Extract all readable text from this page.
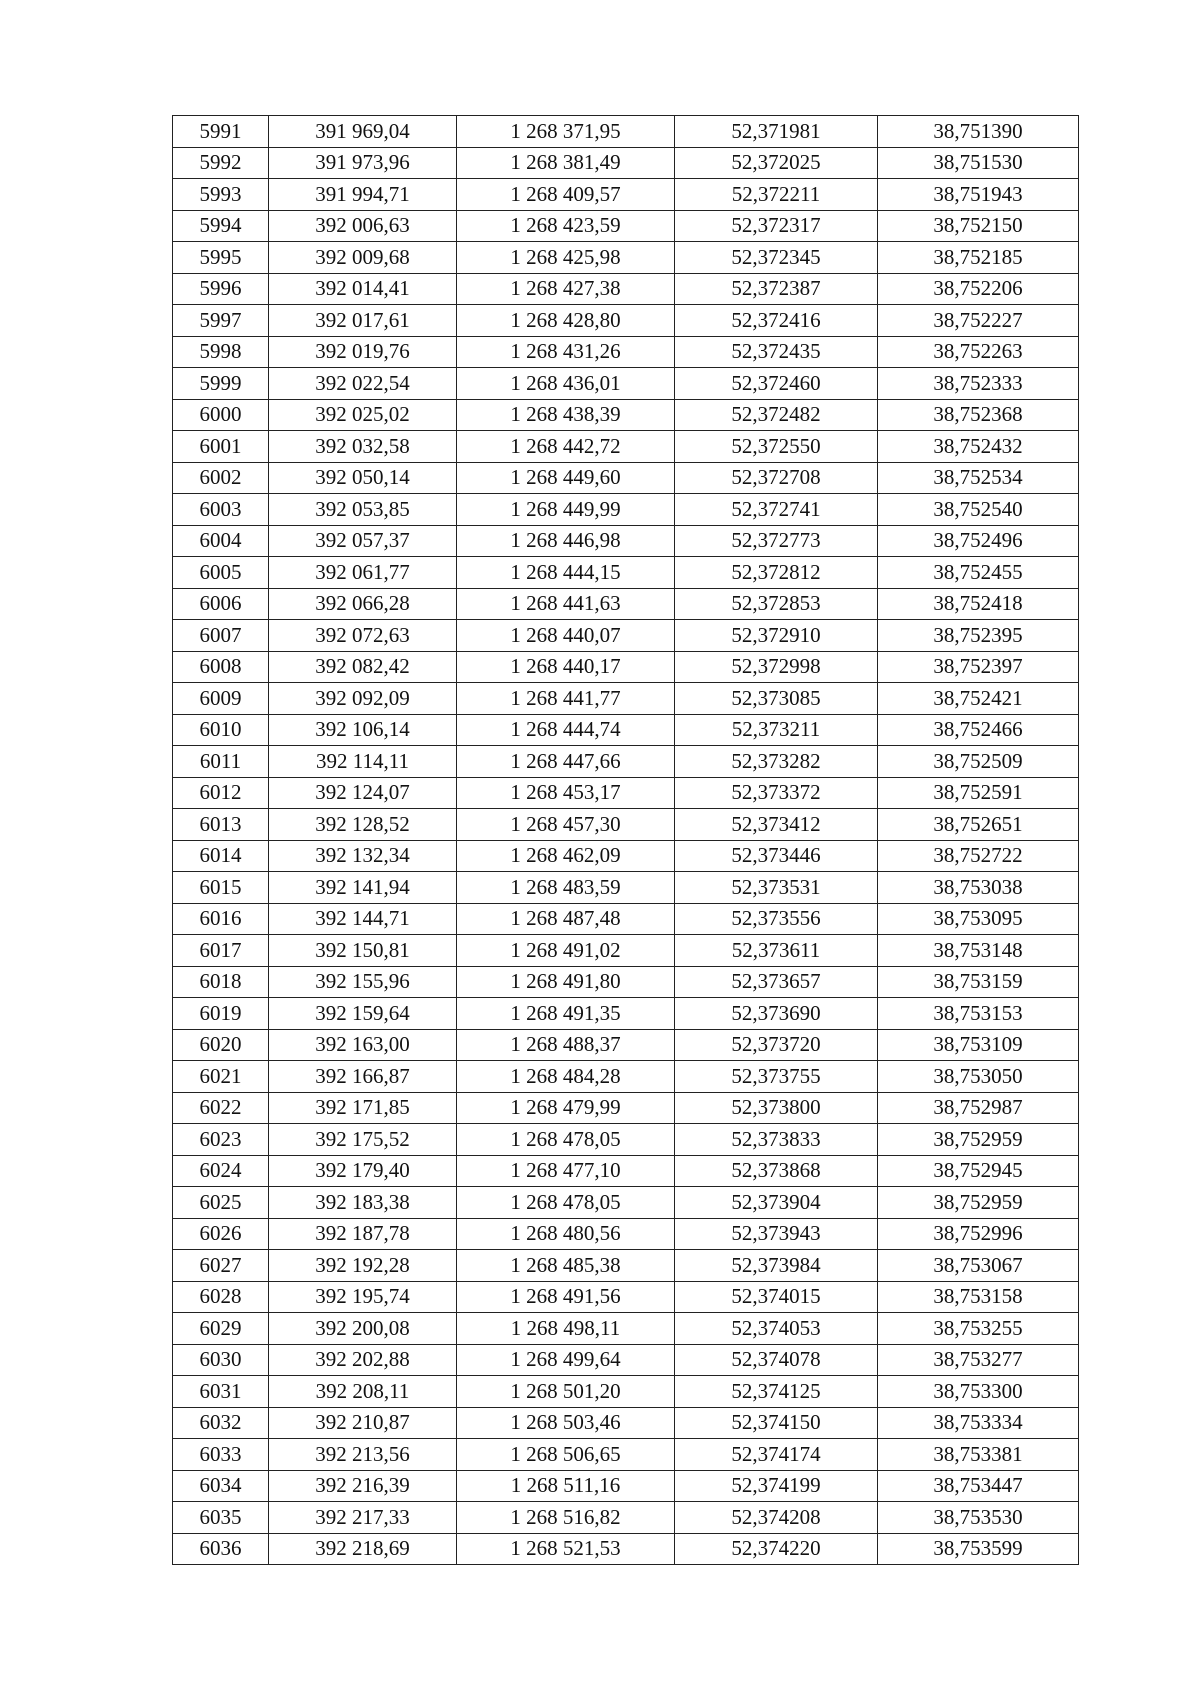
5991	391 969,04	1 268 371,95	52,371981	38,751390
5992	391 973,96	1 268 381,49	52,372025	38,751530
5993	391 994,71	1 268 409,57	52,372211	38,751943
5994	392 006,63	1 268 423,59	52,372317	38,752150
5995	392 009,68	1 268 425,98	52,372345	38,752185
5996	392 014,41	1 268 427,38	52,372387	38,752206
5997	392 017,61	1 268 428,80	52,372416	38,752227
5998	392 019,76	1 268 431,26	52,372435	38,752263
5999	392 022,54	1 268 436,01	52,372460	38,752333
6000	392 025,02	1 268 438,39	52,372482	38,752368
6001	392 032,58	1 268 442,72	52,372550	38,752432
6002	392 050,14	1 268 449,60	52,372708	38,752534
6003	392 053,85	1 268 449,99	52,372741	38,752540
6004	392 057,37	1 268 446,98	52,372773	38,752496
6005	392 061,77	1 268 444,15	52,372812	38,752455
6006	392 066,28	1 268 441,63	52,372853	38,752418
6007	392 072,63	1 268 440,07	52,372910	38,752395
6008	392 082,42	1 268 440,17	52,372998	38,752397
6009	392 092,09	1 268 441,77	52,373085	38,752421
6010	392 106,14	1 268 444,74	52,373211	38,752466
6011	392 114,11	1 268 447,66	52,373282	38,752509
6012	392 124,07	1 268 453,17	52,373372	38,752591
6013	392 128,52	1 268 457,30	52,373412	38,752651
6014	392 132,34	1 268 462,09	52,373446	38,752722
6015	392 141,94	1 268 483,59	52,373531	38,753038
6016	392 144,71	1 268 487,48	52,373556	38,753095
6017	392 150,81	1 268 491,02	52,373611	38,753148
6018	392 155,96	1 268 491,80	52,373657	38,753159
6019	392 159,64	1 268 491,35	52,373690	38,753153
6020	392 163,00	1 268 488,37	52,373720	38,753109
6021	392 166,87	1 268 484,28	52,373755	38,753050
6022	392 171,85	1 268 479,99	52,373800	38,752987
6023	392 175,52	1 268 478,05	52,373833	38,752959
6024	392 179,40	1 268 477,10	52,373868	38,752945
6025	392 183,38	1 268 478,05	52,373904	38,752959
6026	392 187,78	1 268 480,56	52,373943	38,752996
6027	392 192,28	1 268 485,38	52,373984	38,753067
6028	392 195,74	1 268 491,56	52,374015	38,753158
6029	392 200,08	1 268 498,11	52,374053	38,753255
6030	392 202,88	1 268 499,64	52,374078	38,753277
6031	392 208,11	1 268 501,20	52,374125	38,753300
6032	392 210,87	1 268 503,46	52,374150	38,753334
6033	392 213,56	1 268 506,65	52,374174	38,753381
6034	392 216,39	1 268 511,16	52,374199	38,753447
6035	392 217,33	1 268 516,82	52,374208	38,753530
6036	392 218,69	1 268 521,53	52,374220	38,753599
